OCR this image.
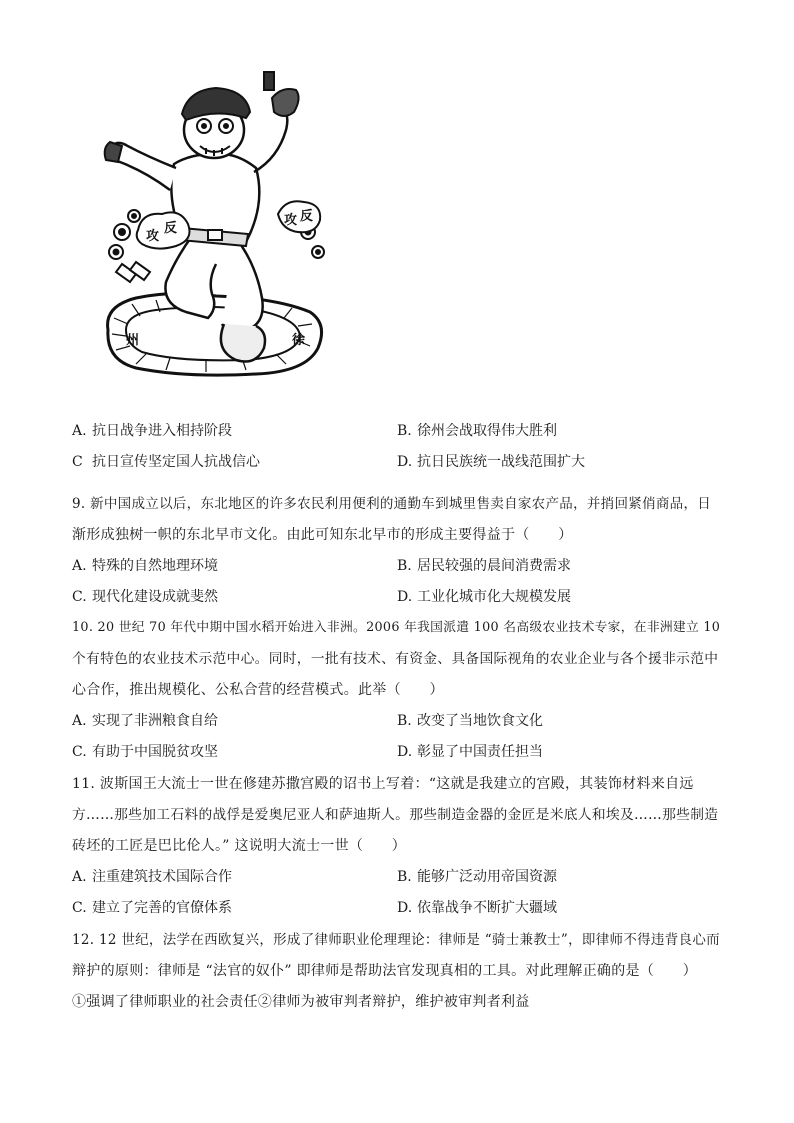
攻
反
攻 反
徐
州
A. 抗日战争进入相持阶段	B. 徐州会战取得伟大胜利
C 抗日宣传坚定国人抗战信心	D. 抗日民族统一战线范围扩大
9. 新中国成立以后，东北地区的许多农民利用便利的通勤车到城里售卖自家农产品，并捎回紧俏商品，日
渐形成独树一帜的东北早市文化。由此可知东北早市的形成主要得益于（　　）
A. 特殊的自然地理环境	B. 居民较强的晨间消费需求
C. 现代化建设成就斐然	D. 工业化城市化大规模发展
10. 20 世纪 70 年代中期中国水稻开始进入非洲。2006 年我国派遣 100 名高级农业技术专家，在非洲建立 10
个有特色的农业技术示范中心。同时，一批有技术、有资金、具备国际视角的农业企业与各个援非示范中
心合作，推出规模化、公私合营的经营模式。此举（　　）
A. 实现了非洲粮食自给	B. 改变了当地饮食文化
C. 有助于中国脱贫攻坚	D. 彰显了中国责任担当
11. 波斯国王大流士一世在修建苏撒宫殿的诏书上写着：“这就是我建立的宫殿，其装饰材料来自远
方……那些加工石料的战俘是爱奥尼亚人和萨迪斯人。那些制造金器的金匠是米底人和埃及……那些制造
砖坯的工匠是巴比伦人。” 这说明大流士一世（　　）
A. 注重建筑技术国际合作	B. 能够广泛动用帝国资源
C. 建立了完善的官僚体系	D. 依靠战争不断扩大疆域
12. 12 世纪，法学在西欧复兴，形成了律师职业伦理理论：律师是 “骑士兼教士”，即律师不得违背良心而
辩护的原则：律师是 “法官的奴仆” 即律师是帮助法官发现真相的工具。对此理解正确的是（　　）
①强调了律师职业的社会责任②律师为被审判者辩护，维护被审判者利益
